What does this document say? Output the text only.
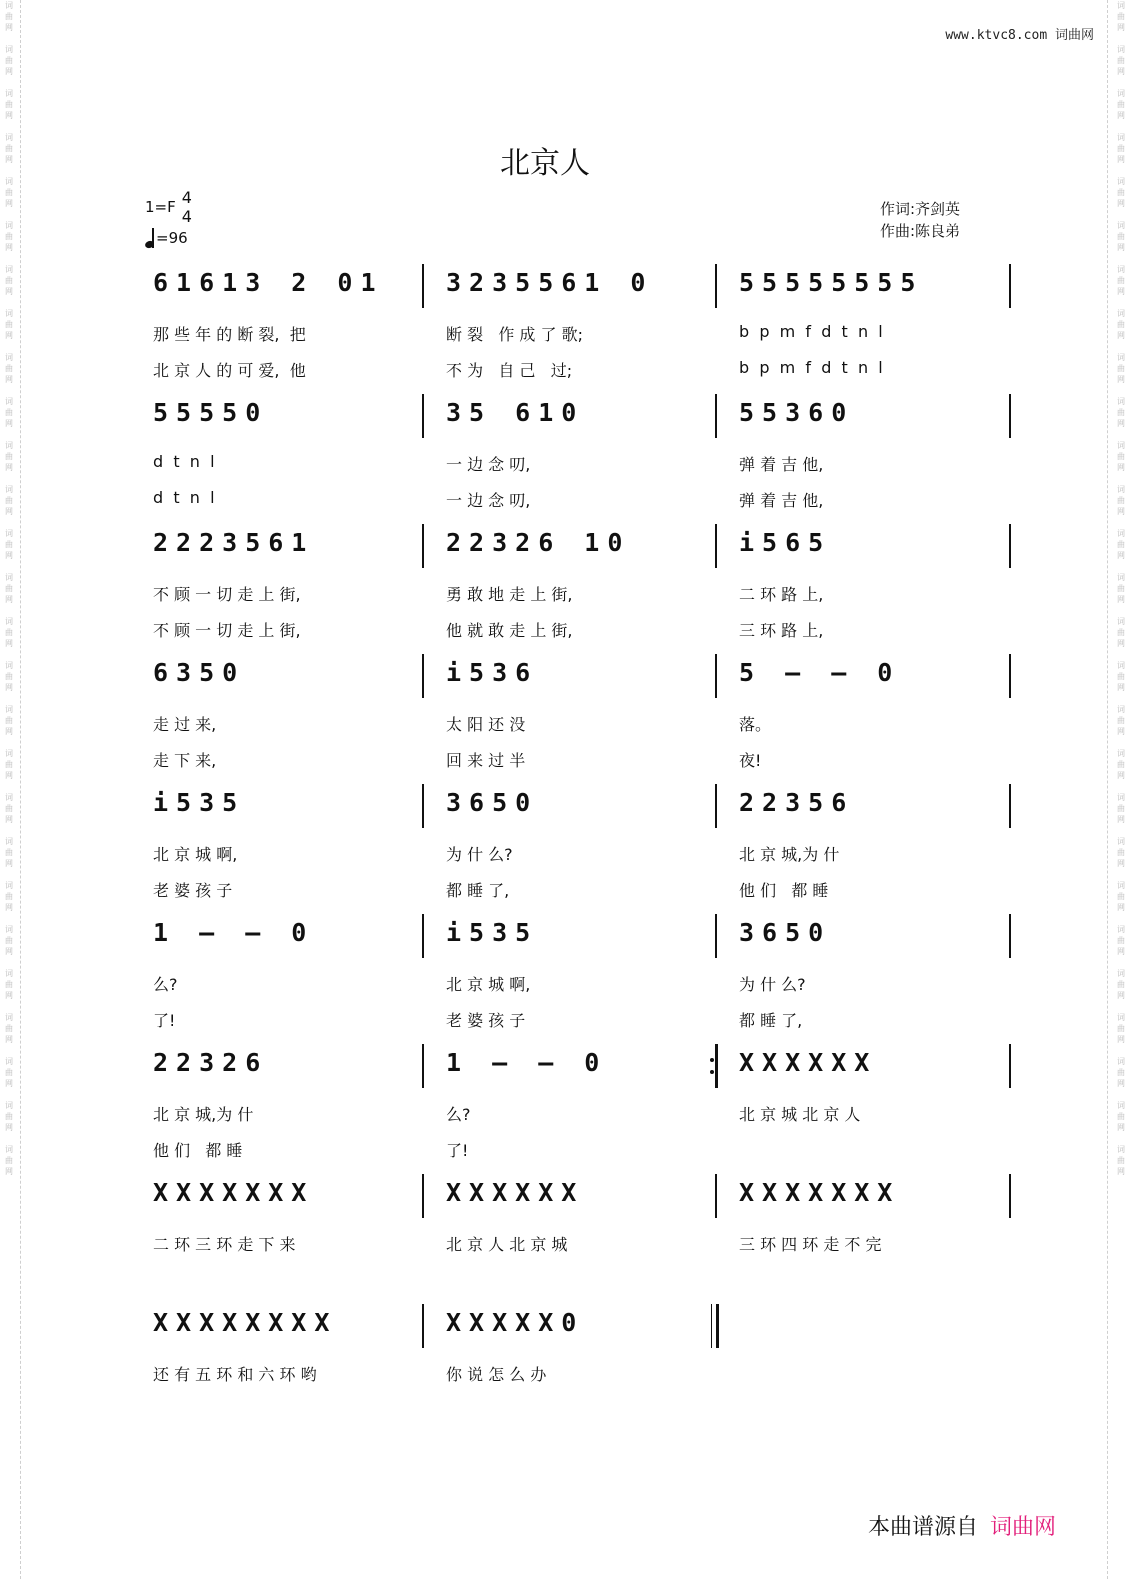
词
曲
网

词
曲
网

词
曲
网

词
曲
网

词
曲
网

词
曲
网

词
曲
网

词
曲
网

词
曲
网

词
曲
网

词
曲
网

词
曲
网

词
曲
网

词
曲
网

词
曲
网

词
曲
网

词
曲
网

词
曲
网

词
曲
网

词
曲
网

词
曲
网

词
曲
网

词
曲
网

词
曲
网

词
曲
网

词
曲
网

词
曲
网

词
曲
网

词
曲
网

词
曲
网

词
曲
网

词
曲
网

词
曲
网

词
曲
网

词
曲
网

词
曲
网

词
曲
网

词
曲
网

词
曲
网

词
曲
网

词
曲
网

词
曲
网

词
曲
网

词
曲
网

词
曲
网

词
曲
网

词
曲
网

词
曲
网

词
曲
网

词
曲
网

词
曲
网

词
曲
网

词
曲
网

词
曲
网

www.ktvc8.com 词曲网
北京人
1=F 4
4
=96
作词:齐剑英
作曲:陈良弟
61613 2 01
那 些 年 的 断 裂,  把
北 京 人 的 可 爱,  他
3235561 0
断 裂   作 成 了 歌;
不 为   自 己   过;
55555555
b  p  m  f  d  t  n  l
b  p  m  f  d  t  n  l
55550
d  t  n  l
d  t  n  l
35 610
一 边 念 叨,
一 边 念 叨,
55360
弹 着 吉 他,
弹 着 吉 他,
2223561
不 顾 一 切 走 上 街,
不 顾 一 切 走 上 街,
22326 10
勇 敢 地 走 上 街,
他 就 敢 走 上 街,
i565
二 环 路 上,
三 环 路 上,
6350
走 过 来,
走 下 来,
i536
太 阳 还 没
回 来 过 半
5 — — 0
落。
夜!
i535
北 京 城 啊,
老 婆 孩 子
3650
为 什 么?
都 睡 了,
22356
北 京 城,为 什
他 们   都 睡
1 — — 0
么?
了!
i535
北 京 城 啊,
老 婆 孩 子
3650
为 什 么?
都 睡 了,
22326
北 京 城,为 什
他 们   都 睡
1 — — 0
么?
了!
XXXXXX
北 京 城 北 京 人
XXXXXXX
二 环 三 环 走 下 来
XXXXXX
北 京 人 北 京 城
XXXXXXX
三 环 四 环 走 不 完
XXXXXXXX
还 有 五 环 和 六 环 哟
XXXXX0
你 说 怎 么 办
本曲谱源自 词曲网
